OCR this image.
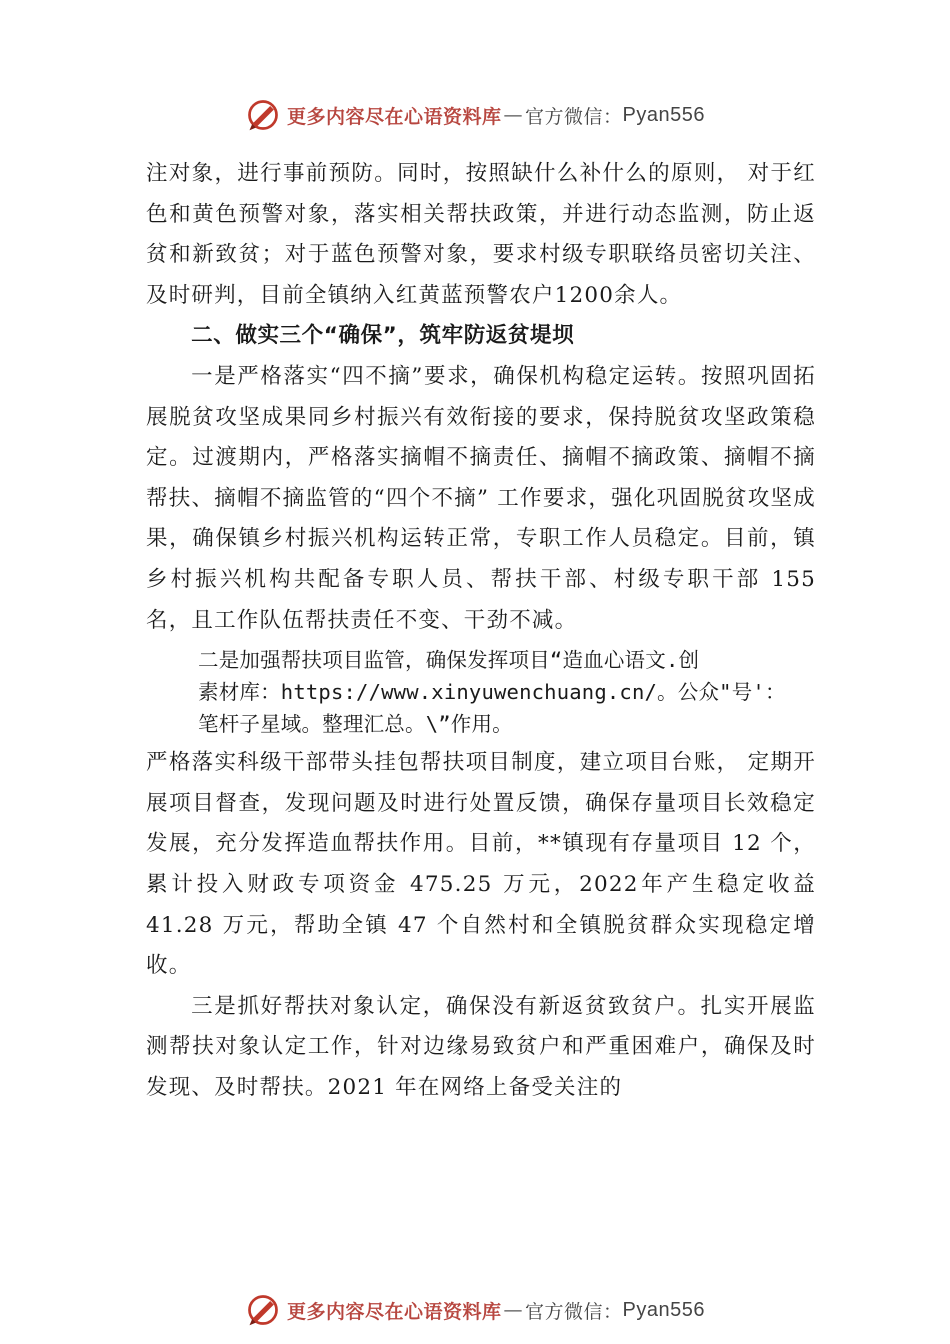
更多内容尽在心语资料库 — 官方微信： Pyan556

注对象，进行事前预防。同时，按照缺什么补什么的原则， 对于红色和黄色预警对象，落实相关帮扶政策，并进行动态监测，防止返贫和新致贫；对于蓝色预警对象，要求村级专职联络员密切关注、及时研判，目前全镇纳入红黄蓝预警农户1200余人。

二、做实三个“确保”，筑牢防返贫堤坝

一是严格落实“四不摘”要求，确保机构稳定运转。按照巩固拓展脱贫攻坚成果同乡村振兴有效衔接的要求，保持脱贫攻坚政策稳定。过渡期内，严格落实摘帽不摘责任、摘帽不摘政策、摘帽不摘帮扶、摘帽不摘监管的“四个不摘” 工作要求，强化巩固脱贫攻坚成果，确保镇乡村振兴机构运转正常，专职工作人员稳定。目前，镇乡村振兴机构共配备专职人员、帮扶干部、村级专职干部 155 名，且工作队伍帮扶责任不变、干劲不减。

二是加强帮扶项目监管，确保发挥项目“造血心语文.创
素材库：https://www.xinyuwenchuang.cn/。公众"号'：
笔杆子星域。整理汇总。\”作用。

严格落实科级干部带头挂包帮扶项目制度，建立项目台账， 定期开展项目督查，发现问题及时进行处置反馈，确保存量项目长效稳定发展，充分发挥造血帮扶作用。目前，**镇现有存量项目 12 个，累计投入财政专项资金 475.25 万元，2022年产生稳定收益 41.28 万元，帮助全镇 47 个自然村和全镇脱贫群众实现稳定增收。

三是抓好帮扶对象认定，确保没有新返贫致贫户。扎实开展监测帮扶对象认定工作，针对边缘易致贫户和严重困难户，确保及时发现、及时帮扶。2021 年在网络上备受关注的

更多内容尽在心语资料库 — 官方微信： Pyan556
